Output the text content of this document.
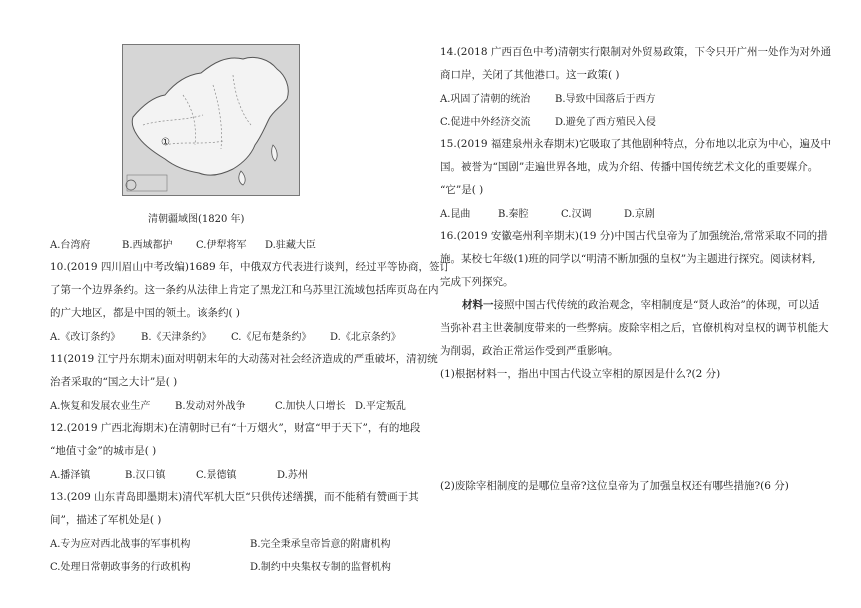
①
清朝疆域图(1820 年)
A.台湾府	B.西域都护 C.伊犁将军 D.驻藏大臣
10.(2019 四川眉山中考改编)1689 年，中俄双方代表进行谈判，经过平等协商，签订
了第一个边界条约。这一条约从法律上肯定了黑龙江和乌苏里江流域包括库页岛在内
的广大地区，都是中国的领土。该条约( )
A.《改订条约》 B.《天津条约》 C.《尼布楚条约》 D.《北京条约》
11(2019 江宁丹东期末)面对明朝末年的大动荡对社会经济造成的严重破坏，清初统
治者采取的“国之大计”是( )
A.恢复和发展农业生产 B.发动对外战争	C.加快人口增长 D.平定叛乱
12.(2019 广西北海期末)在清朝时已有“十万烟火”，财富“甲于天下”，有的地段
“地值寸金”的城市是( )
A.播泽镇	B.汉口镇	C.景德镇	D.苏州
13.(209 山东青岛即墨期末)清代军机大臣“只供传述缮撰，而不能稍有赞画于其
间”，描述了军机处是( )
A.专为应对西北战事的军事机构	B.完全秉承皇帝旨意的附庸机构
C.处理日常朝政事务的行政机构	D.制约中央集权专制的监督机构
14.(2018 广西百色中考)清朝实行限制对外贸易政策，下令只开广州一处作为对外通
商口岸，关闭了其他港口。这一政策( )
A.巩固了清朝的统治 B.导致中国落后于西方
C.促进中外经济交流 D.避免了西方殖民入侵
15.(2019 福建泉州永春期末)它吸取了其他剧种特点，分布地以北京为中心，遍及中
国。被誉为“国剧”走遍世界各地，成为介绍、传播中国传统艺术文化的重要媒介。
“它”是( )
A.昆曲	B.秦腔	C.汉调	D.京剧
16.(2019 安徽亳州利辛期末)(19 分)中国古代皇帝为了加强统治,常常采取不同的措
施。某校七年级(1)班的同学以“明清不断加强的皇权”为主题进行探究。阅读材料,
完成下列探究。
材料一接照中国古代传统的政治观念，宰相制度是“贤人政治”的体现，可以适
当弥补君主世袭制度带来的一些弊病。废除宰相之后，官僚机构对皇权的调节机能大
为削弱，政治正常运作受到严重影响。
(1)根据材料一，指出中国古代设立宰相的原因是什么?(2 分)
(2)废除宰相制度的是哪位皇帝?这位皇帝为了加强皇权还有哪些措施?(6 分)
